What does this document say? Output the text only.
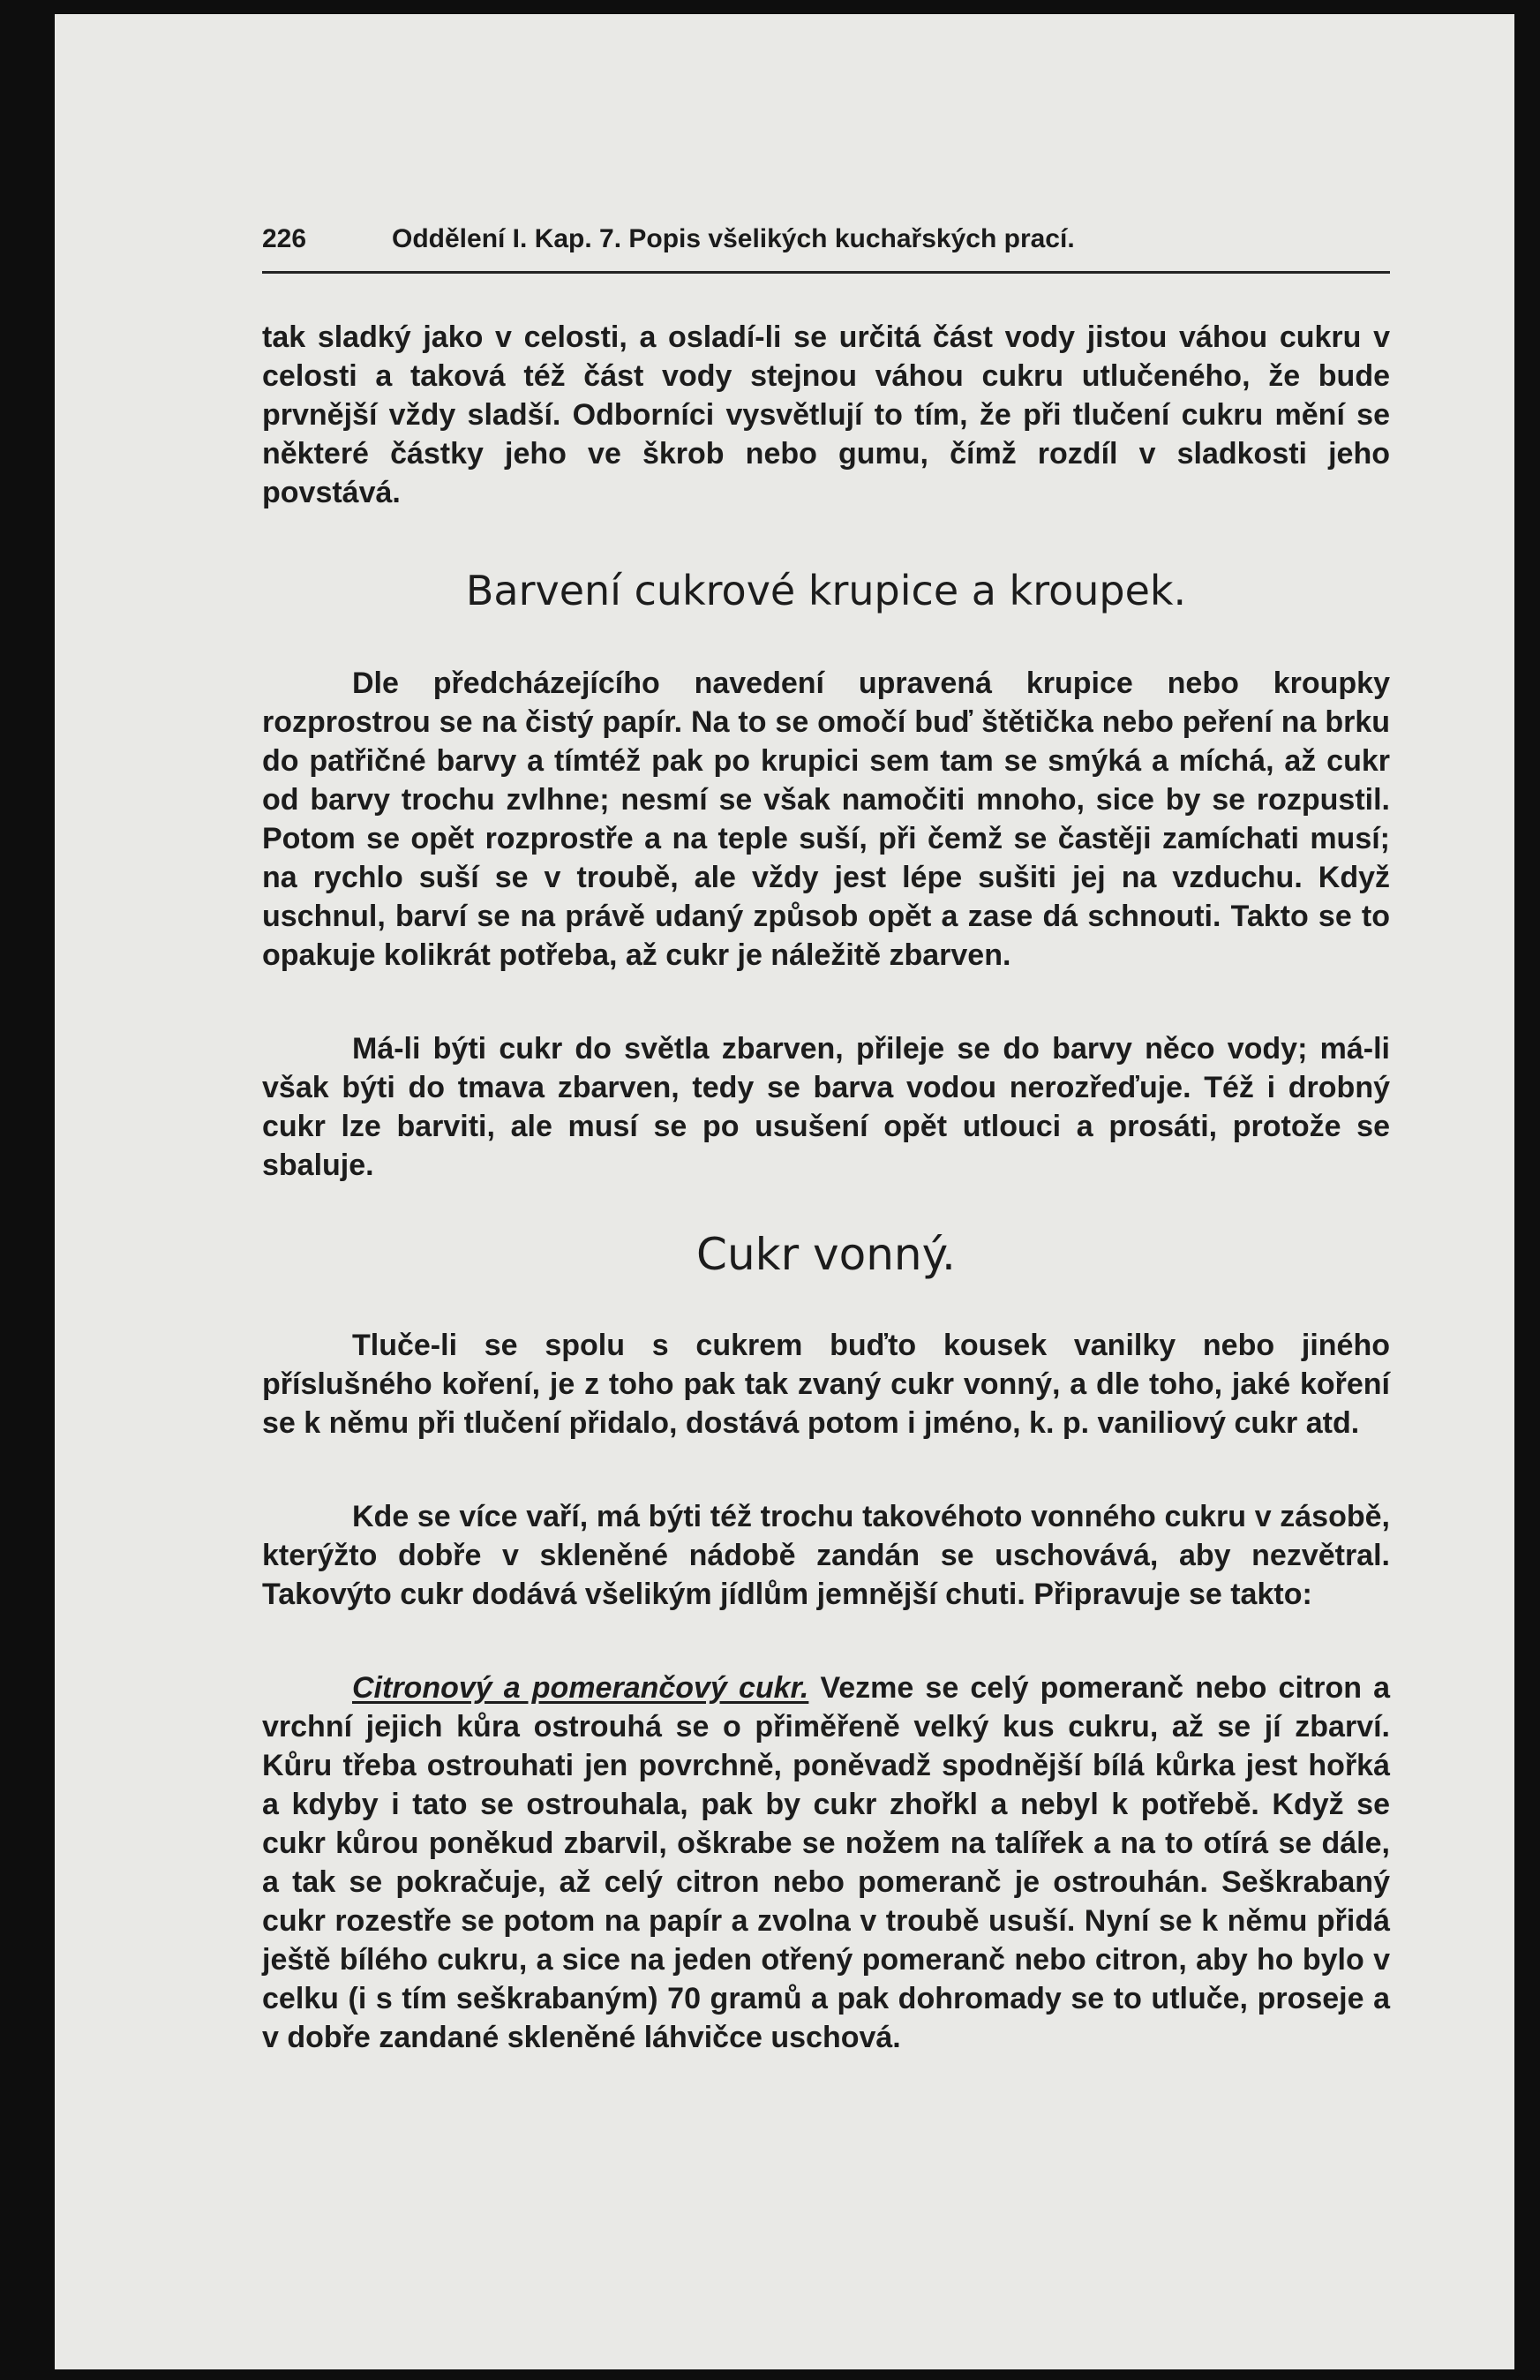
226	Oddělení I. Kap. 7. Popis všelikých kuchařských prací.

tak sladký jako v celosti, a osladí-li se určitá část vody jistou váhou cukru v celosti a taková též část vody stejnou váhou cukru utlučeného, že bude prvnější vždy sladší. Odborníci vysvětlují to tím, že při tlučení cukru mění se některé částky jeho ve škrob nebo gumu, čímž rozdíl v sladkosti jeho povstává.

Barvení cukrové krupice a kroupek.

Dle předcházejícího navedení upravená krupice nebo kroupky rozprostrou se na čistý papír. Na to se omočí buď štětička nebo peření na brku do patřičné barvy a tímtéž pak po krupici sem tam se smýká a míchá, až cukr od barvy trochu zvlhne; nesmí se však namočiti mnoho, sice by se rozpustil. Potom se opět rozprostře a na teple suší, při čemž se častěji zamíchati musí; na rychlo suší se v troubě, ale vždy jest lépe sušiti jej na vzduchu. Když uschnul, barví se na právě udaný způsob opět a zase dá schnouti. Takto se to opakuje kolikrát potřeba, až cukr je náležitě zbarven.

Má-li býti cukr do světla zbarven, přileje se do barvy něco vody; má-li však býti do tmava zbarven, tedy se barva vodou nerozřeďuje. Též i drobný cukr lze barviti, ale musí se po usušení opět utlouci a prosáti, protože se sbaluje.

Cukr vonný.

Tluče-li se spolu s cukrem buďto kousek vanilky nebo jiného příslušného koření, je z toho pak tak zvaný cukr vonný, a dle toho, jaké koření se k němu při tlučení přidalo, dostává potom i jméno, k. p. vaniliový cukr atd.

Kde se více vaří, má býti též trochu takovéhoto vonného cukru v zásobě, kterýžto dobře v skleněné nádobě zandán se uschovává, aby nezvětral. Takovýto cukr dodává všelikým jídlům jemnější chuti. Připravuje se takto:

Citronový a pomerančový cukr. Vezme se celý pomeranč nebo citron a vrchní jejich kůra ostrouhá se o přiměřeně velký kus cukru, až se jí zbarví. Kůru třeba ostrouhati jen povrchně, poněvadž spodnější bílá kůrka jest hořká a kdyby i tato se ostrouhala, pak by cukr zhořkl a nebyl k potřebě. Když se cukr kůrou poněkud zbarvil, oškrabe se nožem na talířek a na to otírá se dále, a tak se pokračuje, až celý citron nebo pomeranč je ostrouhán. Seškrabaný cukr rozestře se potom na papír a zvolna v troubě usuší. Nyní se k němu přidá ještě bílého cukru, a sice na jeden otřený pomeranč nebo citron, aby ho bylo v celku (i s tím seškrabaným) 70 gramů a pak dohromady se to utluče, proseje a v dobře zandané skleněné láhvičce uschová.
